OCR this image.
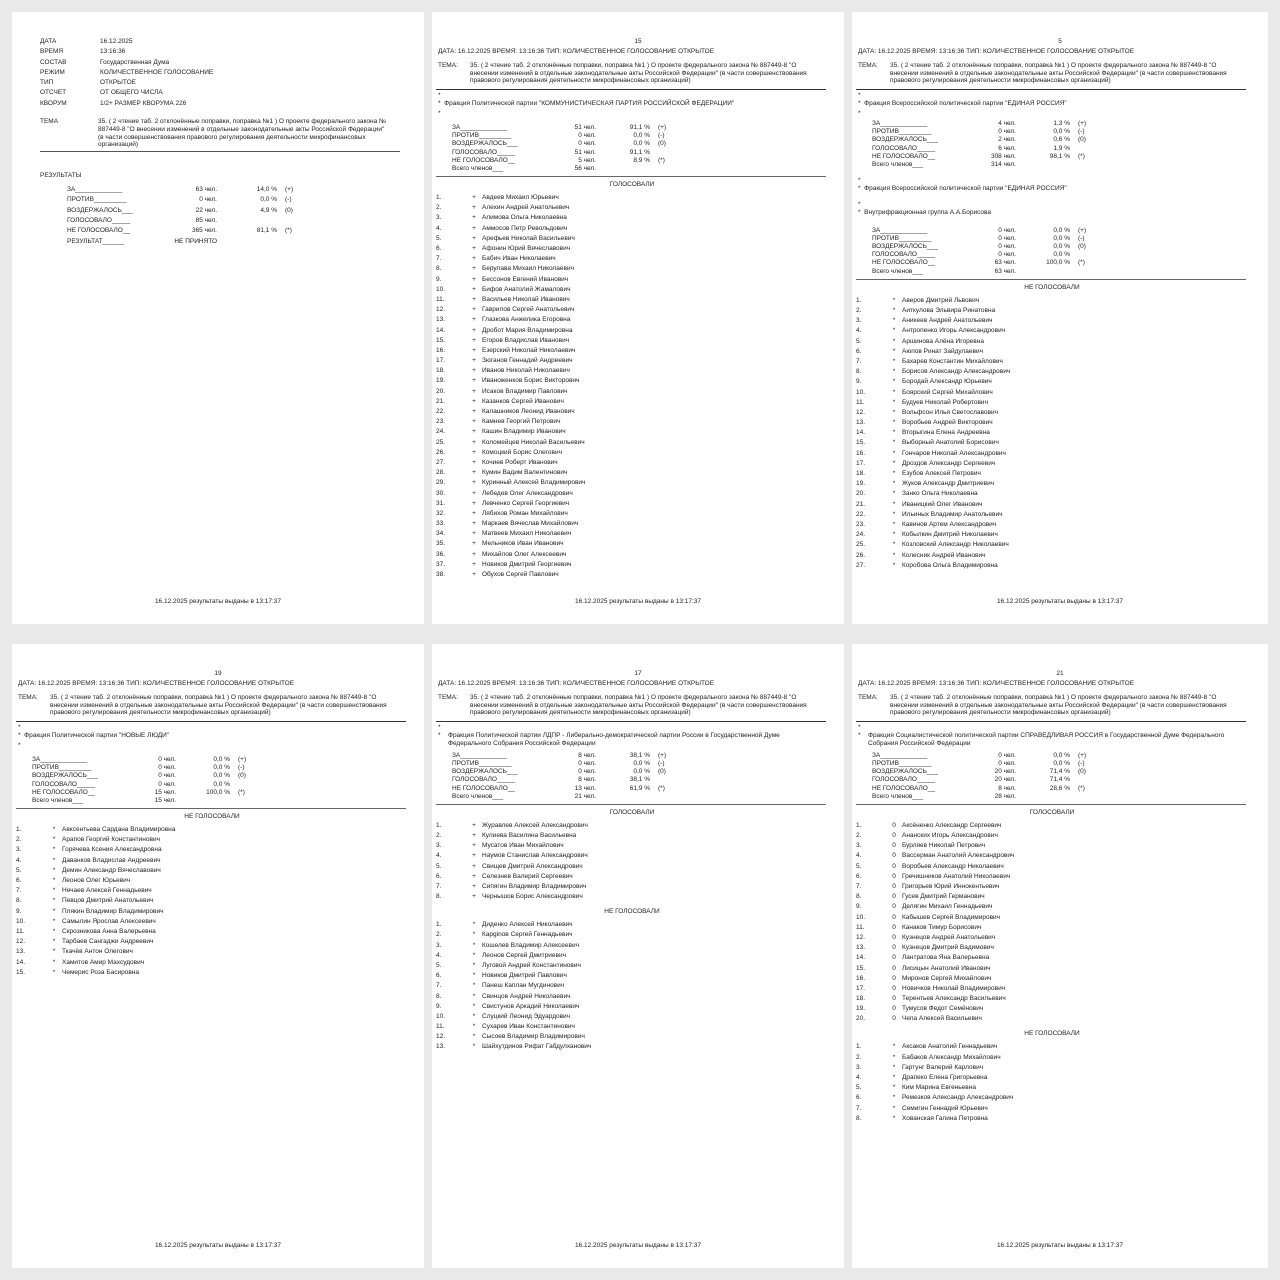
ДАТА	16.12.2025
ВРЕМЯ	13:16:36
СОСТАВ	Государственная Дума
РЕЖИМ	КОЛИЧЕСТВЕННОЕ ГОЛОСОВАНИЕ
ТИП	ОТКРЫТОЕ
ОТСЧЕТ	ОТ ОБЩЕГО ЧИСЛА
КВОРУМ	1/2+ РАЗМЕР КВОРУМА 226
ТЕМА	35. ( 2 чтение таб. 2 отклонённые поправки, поправка №1 ) О проекте федерального закона № 887449-8 "О внесении изменений в отдельные законодательные акты Российской Федерации" (в части совершенствования правового регулирования деятельности микрофинансовых организаций)
РЕЗУЛЬТАТЫ
ЗА_____________	63 чел.	14,0 %	(+)
ПРОТИВ_________	0 чел.	0,0 %	(-)
ВОЗДЕРЖАЛОСЬ___	22 чел.	4,9 %	(0)
ГОЛОСОВАЛО_____	85 чел.
НЕ ГОЛОСОВАЛО__	365 чел.	81,1 %	(*)
РЕЗУЛЬТАТ______	НЕ ПРИНЯТО
16.12.2025 результаты выданы в 13:17:37
15
ДАТА: 16.12.2025 ВРЕМЯ: 13:16:36 ТИП: КОЛИЧЕСТВЕННОЕ ГОЛОСОВАНИЕ ОТКРЫТОЕ
ТЕМА:	35. ( 2 чтение таб. 2 отклонённые поправки, поправка №1 ) О проекте федерального закона № 887449-8 "О внесении изменений в отдельные законодательные акты Российской Федерации" (в части совершенствования правового регулирования деятельности микрофинансовых организаций)
*
*  Фракция Политической партии "КОММУНИСТИЧЕСКАЯ ПАРТИЯ РОССИЙСКОЙ ФЕДЕРАЦИИ"
*
ЗА_____________	51 чел.	91,1 %	(+)
ПРОТИВ_________	0 чел.	0,0 %	(-)
ВОЗДЕРЖАЛОСЬ___	0 чел.	0,0 %	(0)
ГОЛОСОВАЛО_____	51 чел.	91,1 %
НЕ ГОЛОСОВАЛО__	5 чел.	8,9 %	(*)
Всего членов___	56 чел.
ГОЛОСОВАЛИ
1.	+ Авдеев Михаил Юрьевич
2.	+ Алехин Андрей Анатольевич
3.	+ Алимова Ольга Николаевна
4.	+ Аммосов Петр Револьдович
5.	+ Арефьев Николай Васильевич
6.	+ Афонин Юрий Вячеславович
7.	+ Бабич Иван Николаевич
8.	+ Берулава Михаил Николаевич
9.	+ Бессонов Евгений Иванович
10.	+ Бифов Анатолий Жамалович
11.	+ Васильев Николай Иванович
12.	+ Гаврилов Сергей Анатольевич
13.	+ Глазкова Анжелика Егоровна
14.	+ Дробот Мария Владимировна
15.	+ Егоров Владислав Иванович
16.	+ Езерский Николай Николаевич
17.	+ Зюганов Геннадий Андреевич
18.	+ Иванов Николай Николаевич
19.	+ Иваноженков Борис Викторович
20.	+ Исаков Владимир Павлович
21.	+ Казанков Сергей Иванович
22.	+ Калашников Леонид Иванович
23.	+ Камнев Георгий Петрович
24.	+ Кашин Владимир Иванович
25.	+ Коломейцев Николай Васильевич
26.	+ Комоцкий Борис Олегович
27.	+ Кочиев Роберт Иванович
28.	+ Кумин Вадим Валентинович
29.	+ Куринный Алексей Владимирович
30.	+ Лебедев Олег Александрович
31.	+ Левченко Сергей Георгиевич
32.	+ Лябихов Роман Михайлович
33.	+ Маркаев Вячеслав Михайлович
34.	+ Матвеев Михаил Николаевич
35.	+ Мельников Иван Иванович
36.	+ Михайлов Олег Алексеевич
37.	+ Новиков Дмитрий Георгиевич
38.	+ Обухов Сергей Павлович
16.12.2025 результаты выданы в 13:17:37
5
ДАТА: 16.12.2025 ВРЕМЯ: 13:16:36 ТИП: КОЛИЧЕСТВЕННОЕ ГОЛОСОВАНИЕ ОТКРЫТОЕ
ТЕМА:	35. ( 2 чтение таб. 2 отклонённые поправки, поправка №1 ) О проекте федерального закона № 887449-8 "О внесении изменений в отдельные законодательные акты Российской Федерации" (в части совершенствования правового регулирования деятельности микрофинансовых организаций)
*
*  Фракция Всероссийской политической партии "ЕДИНАЯ РОССИЯ"
*
ЗА_____________	4 чел.	1,3 %	(+)
ПРОТИВ_________	0 чел.	0,0 %	(-)
ВОЗДЕРЖАЛОСЬ___	2 чел.	0,6 %	(0)
ГОЛОСОВАЛО_____	6 чел.	1,9 %
НЕ ГОЛОСОВАЛО__	308 чел.	98,1 %	(*)
Всего членов___	314 чел.
*
*  Фракция Всероссийской политической партии "ЕДИНАЯ РОССИЯ"
*
*  Внутрифракционная группа А.А.Борисова
ЗА_____________	0 чел.	0,0 %	(+)
ПРОТИВ_________	0 чел.	0,0 %	(-)
ВОЗДЕРЖАЛОСЬ___	0 чел.	0,0 %	(0)
ГОЛОСОВАЛО_____	0 чел.	0,0 %
НЕ ГОЛОСОВАЛО__	63 чел.	100,0 %	(*)
Всего членов___	63 чел.
НЕ ГОЛОСОВАЛИ
1.	*	Аверов Дмитрий Львович
2.	*	Аиткулова Эльвира Ринатовна
3.	*	Аникеев Андрей Анатольевич
4.	*	Антропенко Игорь Александрович
5.	*	Аршинова Алёна Игоревна
6.	*	Аюпов Ринат Зайдулаевич
7.	*	Бахарев Константин Михайлович
8.	*	Борисов Александр Александрович
9.	*	Бородай Александр Юрьевич
10.	*	Боярский Сергей Михайлович
11.	*	Будуев Николай Робертович
12.	*	Вольфсон Илья Светославович
13.	*	Воробьев Андрей Викторович
14.	*	Вторыгина Елена Андреевна
15.	*	Выборный Анатолий Борисович
16.	*	Гончаров Николай Александрович
17.	*	Дроздов Александр Сергеевич
18.	*	Езубов Алексей Петрович
19.	*	Жуков Александр Дмитриевич
20.	*	Занко Ольга Николаевна
21.	*	Иваницкий Олег Иванович
22.	*	Ильиных Владимир Анатольевич
23.	*	Кавинов Артем Александрович
24.	*	Кобылкин Дмитрий Николаевич
25.	*	Козловский Александр Николаевич
26.	*	Колесник Андрей Иванович
27.	*	Коробова Ольга Владимировна
16.12.2025 результаты выданы в 13:17:37
19
ДАТА: 16.12.2025 ВРЕМЯ: 13:16:36 ТИП: КОЛИЧЕСТВЕННОЕ ГОЛОСОВАНИЕ ОТКРЫТОЕ
ТЕМА:	35. ( 2 чтение таб. 2 отклонённые поправки, поправка №1 ) О проекте федерального закона № 887449-8 "О внесении изменений в отдельные законодательные акты Российской Федерации" (в части совершенствования правового регулирования деятельности микрофинансовых организаций)
*
*  Фракция Политической партии "НОВЫЕ ЛЮДИ"
*
ЗА_____________	0 чел.	0,0 %	(+)
ПРОТИВ_________	0 чел.	0,0 %	(-)
ВОЗДЕРЖАЛОСЬ___	0 чел.	0,0 %	(0)
ГОЛОСОВАЛО_____	0 чел.	0,0 %
НЕ ГОЛОСОВАЛО__	15 чел.	100,0 %	(*)
Всего членов___	15 чел.
НЕ ГОЛОСОВАЛИ
1.	*	Авксентьева Сардана Владимировна
2.	*	Арапов Георгий Константинович
3.	*	Горячева Ксения Александровна
4.	*	Даванков Владислав Андреевич
5.	*	Демин Александр Вячеславович
6.	*	Леонов Олег Юрьевич
7.	*	Нечаев Алексей Геннадьевич
8.	*	Певцов Дмитрий Анатольевич
9.	*	Плякин Владимир Владимирович
10.	*	Самылин Ярослав Алексеевич
11.	*	Скрозникова Анна Валерьевна
12.	*	Тарбаев Сангаджи Андреевич
13.	*	Ткачёв Антон Олегович
14.	*	Хамитов Амир Махсудович
15.	*	Чемерис Роза Басировна
16.12.2025 результаты выданы в 13:17:37
17
ДАТА: 16.12.2025 ВРЕМЯ: 13:16:36 ТИП: КОЛИЧЕСТВЕННОЕ ГОЛОСОВАНИЕ ОТКРЫТОЕ
ТЕМА:	35. ( 2 чтение таб. 2 отклонённые поправки, поправка №1 ) О проекте федерального закона № 887449-8 "О внесении изменений в отдельные законодательные акты Российской Федерации" (в части совершенствования правового регулирования деятельности микрофинансовых организаций)
*
*	Фракция Политической партии ЛДПР - Либерально-демократической партии России в Государственной Думе Федерального Собрания Российской Федерации
ЗА_____________	8 чел.	38,1 %	(+)
ПРОТИВ_________	0 чел.	0,0 %	(-)
ВОЗДЕРЖАЛОСЬ___	0 чел.	0,0 %	(0)
ГОЛОСОВАЛО_____	8 чел.	38,1 %
НЕ ГОЛОСОВАЛО__	13 чел.	61,9 %	(*)
Всего членов___	21 чел.
ГОЛОСОВАЛИ
1.	+ Журавлев Алексей Александрович
2.	+ Кулиева Василина Васильевна
3.	+ Мусатов Иван Михайлович
4.	+ Наумов Станислав Александрович
5.	+ Свищев Дмитрий Александрович
6.	+ Селезнев Валерий Сергеевич
7.	+ Сипягин Владимир Владимирович
8.	+ Чернышов Борис Александрович
НЕ ГОЛОСОВАЛИ
1.	*	Диденко Алексей Николаевич
2.	*	Карginов Сергей Геннадьевич
3.	*	Кошелев Владимир Алексеевич
4.	*	Леонов Сергей Дмитриевич
5.	*	Луговой Андрей Константинович
6.	*	Новиков Дмитрий Павлович
7.	*	Панеш Каплан Мугдинович
8.	*	Свинцов Андрей Николаевич
9.	*	Свистунов Аркадий Николаевич
10.	*	Слуцкий Леонид Эдуардович
11.	*	Сухарев Иван Константинович
12.	*	Сысоев Владимир Владимирович
13.	*	Шайхутдинов Рифат Габдулханович
16.12.2025 результаты выданы в 13:17:37
21
ДАТА: 16.12.2025 ВРЕМЯ: 13:16:36 ТИП: КОЛИЧЕСТВЕННОЕ ГОЛОСОВАНИЕ ОТКРЫТОЕ
ТЕМА:	35. ( 2 чтение таб. 2 отклонённые поправки, поправка №1 ) О проекте федерального закона № 887449-8 "О внесении изменений в отдельные законодательные акты Российской Федерации" (в части совершенствования правового регулирования деятельности микрофинансовых организаций)
*
*	Фракция Социалистической политической партии СПРАВЕДЛИВАЯ РОССИЯ в Государственной Думе Федерального Собрания Российской Федерации
ЗА_____________	0 чел.	0,0 %	(+)
ПРОТИВ_________	0 чел.	0,0 %	(-)
ВОЗДЕРЖАЛОСЬ___	20 чел.	71,4 %	(0)
ГОЛОСОВАЛО_____	20 чел.	71,4 %
НЕ ГОЛОСОВАЛО__	8 чел.	28,6 %	(*)
Всего членов___	28 чел.
ГОЛОСОВАЛИ
1.	0 Аксёненко Александр Сергеевич
2.	0 Ананских Игорь Александрович
3.	0 Бурляев Николай Петрович
4.	0 Вассерман Анатолий Александрович
5.	0 Воробьев Александр Николаевич
6.	0 Гречишников Анатолий Николаевич
7.	0 Григорьев Юрий Иннокентьевич
8.	0 Гусев Дмитрий Германович
9.	0 Делягин Михаил Геннадьевич
10.	0 Кабышев Сергей Владимирович
11.	0 Канаков Тимур Борисович
12.	0 Кузнецов Андрей Анатольевич
13.	0 Кузнецов Дмитрий Вадимович
14.	0 Лантратова Яна Валерьевна
15.	0 Лисицын Анатолий Иванович
16.	0 Миронов Сергей Михайлович
17.	0 Новичков Николай Владимирович
18.	0 Терентьев Александр Васильевич
19.	0 Тумусов Федот Семёнович
20.	0 Чепа Алексей Васильевич
НЕ ГОЛОСОВАЛИ
1.	*	Аксаков Анатолий Геннадьевич
2.	*	Бабаков Александр Михайлович
3.	*	Гартунг Валерий Карлович
4.	*	Драпеко Елена Григорьевна
5.	*	Ким Марина Евгеньевна
6.	*	Ремезков Александр Александрович
7.	*	Семигин Геннадий Юрьевич
8.	*	Хованская Галина Петровна
16.12.2025 результаты выданы в 13:17:37
